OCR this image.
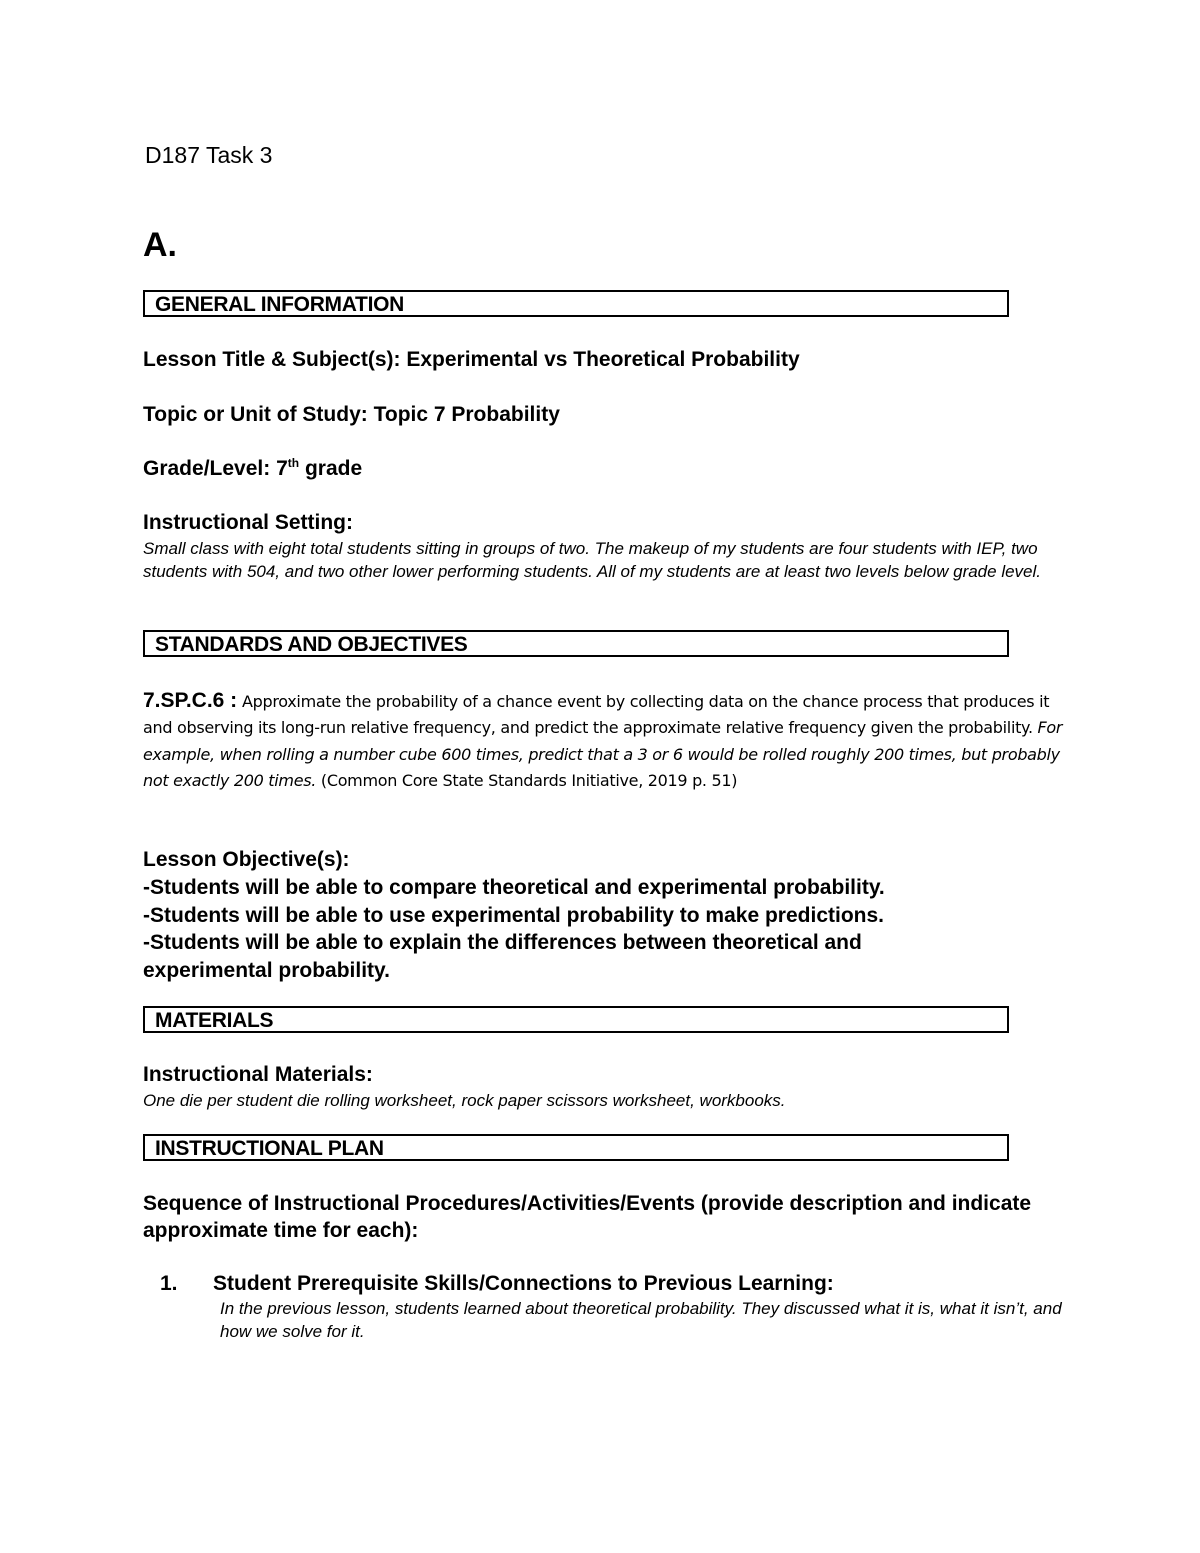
D187 Task 3
A.
GENERAL INFORMATION
Lesson Title & Subject(s): Experimental vs Theoretical Probability
Topic or Unit of Study: Topic 7 Probability
Grade/Level: 7th grade
Instructional Setting:
Small class with eight total students sitting in groups of two. The makeup of my students are four students with IEP, two students with 504, and two other lower performing students. All of my students are at least two levels below grade level.
STANDARDS AND OBJECTIVES
7.SP.C.6 : Approximate the probability of a chance event by collecting data on the chance process that produces it and observing its long-run relative frequency, and predict the approximate relative frequency given the probability. For example, when rolling a number cube 600 times, predict that a 3 or 6 would be rolled roughly 200 times, but probably not exactly 200 times. (Common Core State Standards Initiative, 2019 p. 51)
Lesson Objective(s):
-Students will be able to compare theoretical and experimental probability.
-Students will be able to use experimental probability to make predictions.
-Students will be able to explain the differences between theoretical and
experimental probability.
MATERIALS
Instructional Materials:
One die per student die rolling worksheet, rock paper scissors worksheet, workbooks.
INSTRUCTIONAL PLAN
Sequence of Instructional Procedures/Activities/Events (provide description and indicate approximate time for each):
1. Student Prerequisite Skills/Connections to Previous Learning:
In the previous lesson, students learned about theoretical probability. They discussed what it is, what it isn’t, and how we solve for it.
